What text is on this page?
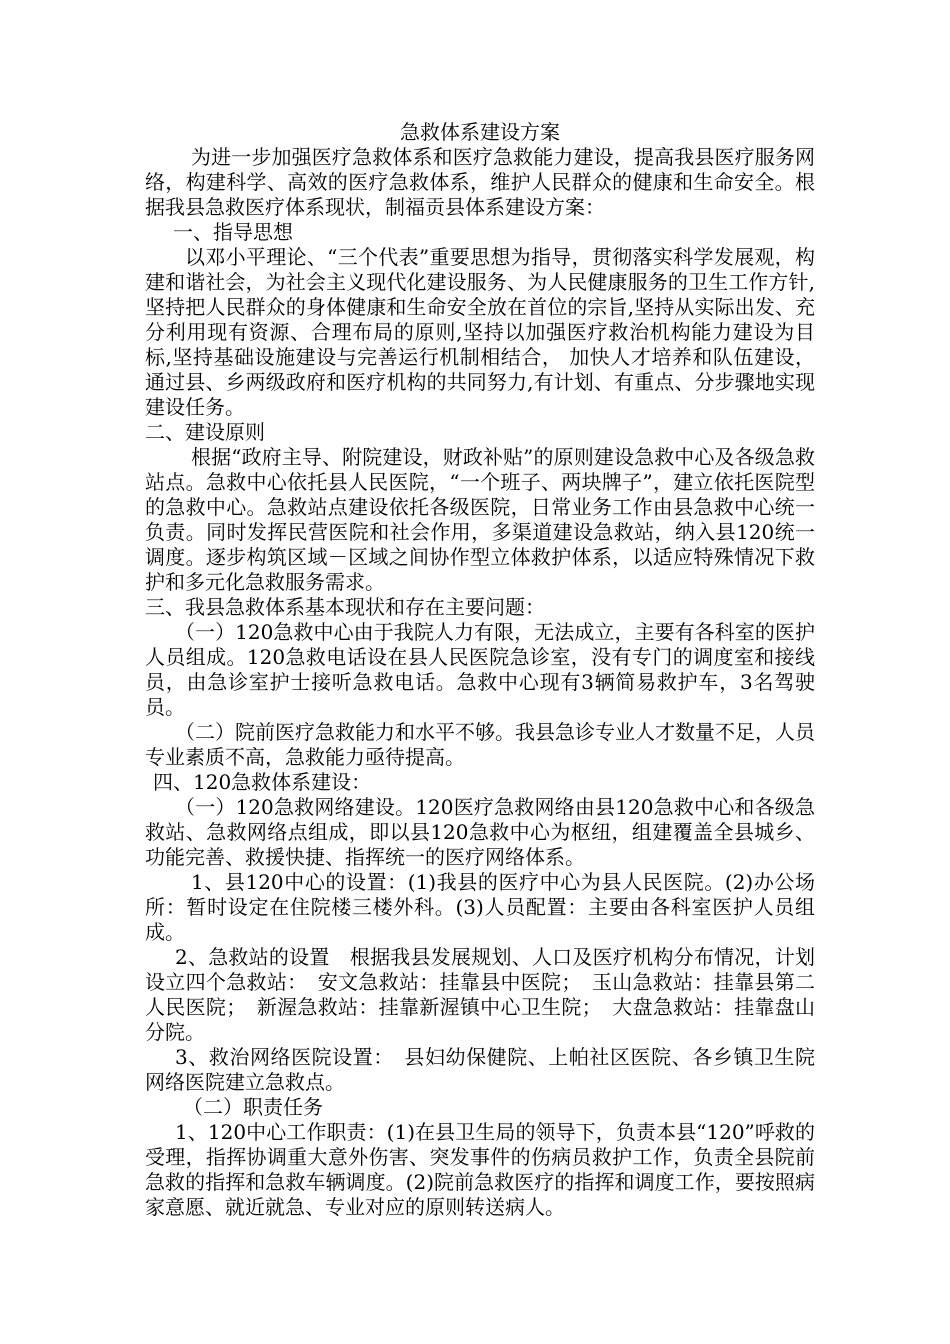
急救体系建设方案

为进一步加强医疗急救体系和医疗急救能力建设，提高我县医疗服务网络，构建科学、高效的医疗急救体系，维护人民群众的健康和生命安全。根据我县急救医疗体系现状，制福贡县体系建设方案：

一、指导思想

以邓小平理论、“三个代表”重要思想为指导，贯彻落实科学发展观，构建和谐社会，为社会主义现代化建设服务、为人民健康服务的卫生工作方针,坚持把人民群众的身体健康和生命安全放在首位的宗旨,坚持从实际出发、充分利用现有资源、合理布局的原则,坚持以加强医疗救治机构能力建设为目标,坚持基础设施建设与完善运行机制相结合， 加快人才培养和队伍建设，通过县、乡两级政府和医疗机构的共同努力,有计划、有重点、分步骤地实现建设任务。

二、建设原则

根据“政府主导、附院建设，财政补贴”的原则建设急救中心及各级急救站点。急救中心依托县人民医院，“一个班子、两块牌子”，建立依托医院型的急救中心。急救站点建设依托各级医院，日常业务工作由县急救中心统一负责。同时发挥民营医院和社会作用，多渠道建设急救站，纳入县120统一调度。逐步构筑区域－区域之间协作型立体救护体系，以适应特殊情况下救护和多元化急救服务需求。

三、我县急救体系基本现状和存在主要问题：

（一）120急救中心由于我院人力有限，无法成立，主要有各科室的医护人员组成。120急救电话设在县人民医院急诊室，没有专门的调度室和接线员，由急诊室护士接听急救电话。急救中心现有3辆简易救护车，3名驾驶员。

（二）院前医疗急救能力和水平不够。我县急诊专业人才数量不足，人员专业素质不高，急救能力亟待提高。

四、120急救体系建设：

（一）120急救网络建设。120医疗急救网络由县120急救中心和各级急救站、急救网络点组成，即以县120急救中心为枢纽，组建覆盖全县城乡、功能完善、救援快捷、指挥统一的医疗网络体系。

1、县120中心的设置：(1)我县的医疗中心为县人民医院。(2)办公场所：暂时设定在住院楼三楼外科。(3)人员配置：主要由各科室医护人员组成。

2、急救站的设置　根据我县发展规划、人口及医疗机构分布情况，计划设立四个急救站：　安文急救站：挂靠县中医院；　玉山急救站：挂靠县第二人民医院；　新渥急救站：挂靠新渥镇中心卫生院；　大盘急救站：挂靠盘山分院。

3、救治网络医院设置：　县妇幼保健院、上帕社区医院、各乡镇卫生院网络医院建立急救点。

（二）职责任务

1、120中心工作职责：(1)在县卫生局的领导下，负责本县“120”呼救的受理，指挥协调重大意外伤害、突发事件的伤病员救护工作，负责全县院前急救的指挥和急救车辆调度。(2)院前急救医疗的指挥和调度工作，要按照病家意愿、就近就急、专业对应的原则转送病人。
